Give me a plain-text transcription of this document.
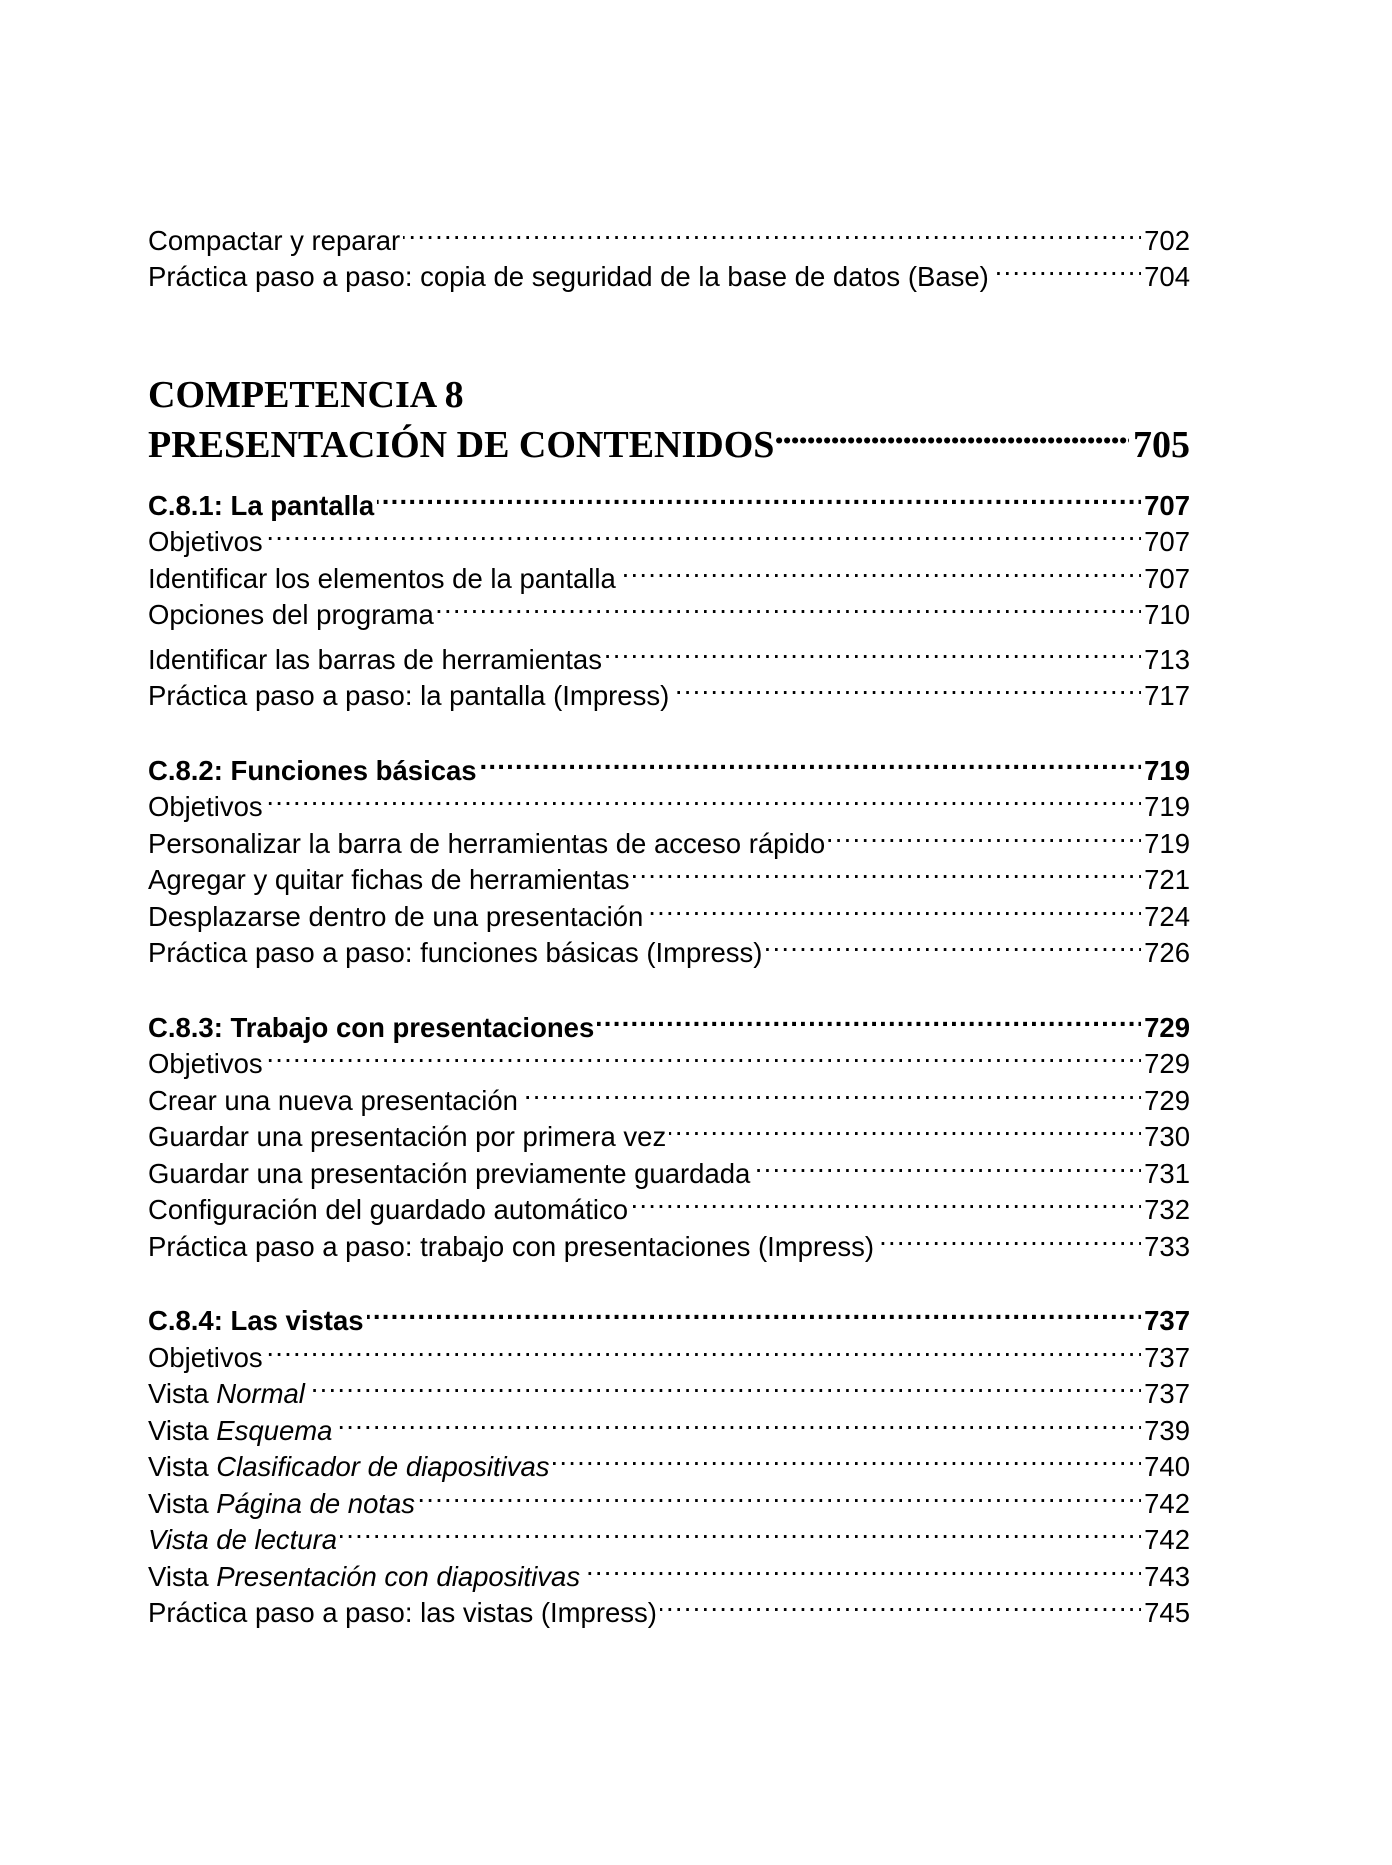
Compactar y reparar . . .	702
Práctica paso a paso: copia de seguridad de la base de datos (Base) . . .	704
COMPETENCIA 8
PRESENTACIÓN DE CONTENIDOS . . .	705
C.8.1: La pantalla . . .	707
Objetivos . . .	707
Identificar los elementos de la pantalla . . .	707
Opciones del programa . . .	710
Identificar las barras de herramientas . . .	713
Práctica paso a paso: la pantalla (Impress) . . .	717
C.8.2: Funciones básicas . . .	719
Objetivos . . .	719
Personalizar la barra de herramientas de acceso rápido . . .	719
Agregar y quitar fichas de herramientas . . .	721
Desplazarse dentro de una presentación . . .	724
Práctica paso a paso: funciones básicas (Impress) . . .	726
C.8.3: Trabajo con presentaciones . . .	729
Objetivos . . .	729
Crear una nueva presentación . . .	729
Guardar una presentación por primera vez . . .	730
Guardar una presentación previamente guardada . . .	731
Configuración del guardado automático . . .	732
Práctica paso a paso: trabajo con presentaciones (Impress) . . .	733
C.8.4: Las vistas . . .	737
Objetivos . . .	737
Vista Normal . . .	737
Vista Esquema . . .	739
Vista Clasificador de diapositivas . . .	740
Vista Página de notas . . .	742
Vista de lectura . . .	742
Vista Presentación con diapositivas . . .	743
Práctica paso a paso: las vistas (Impress) . . .	745
